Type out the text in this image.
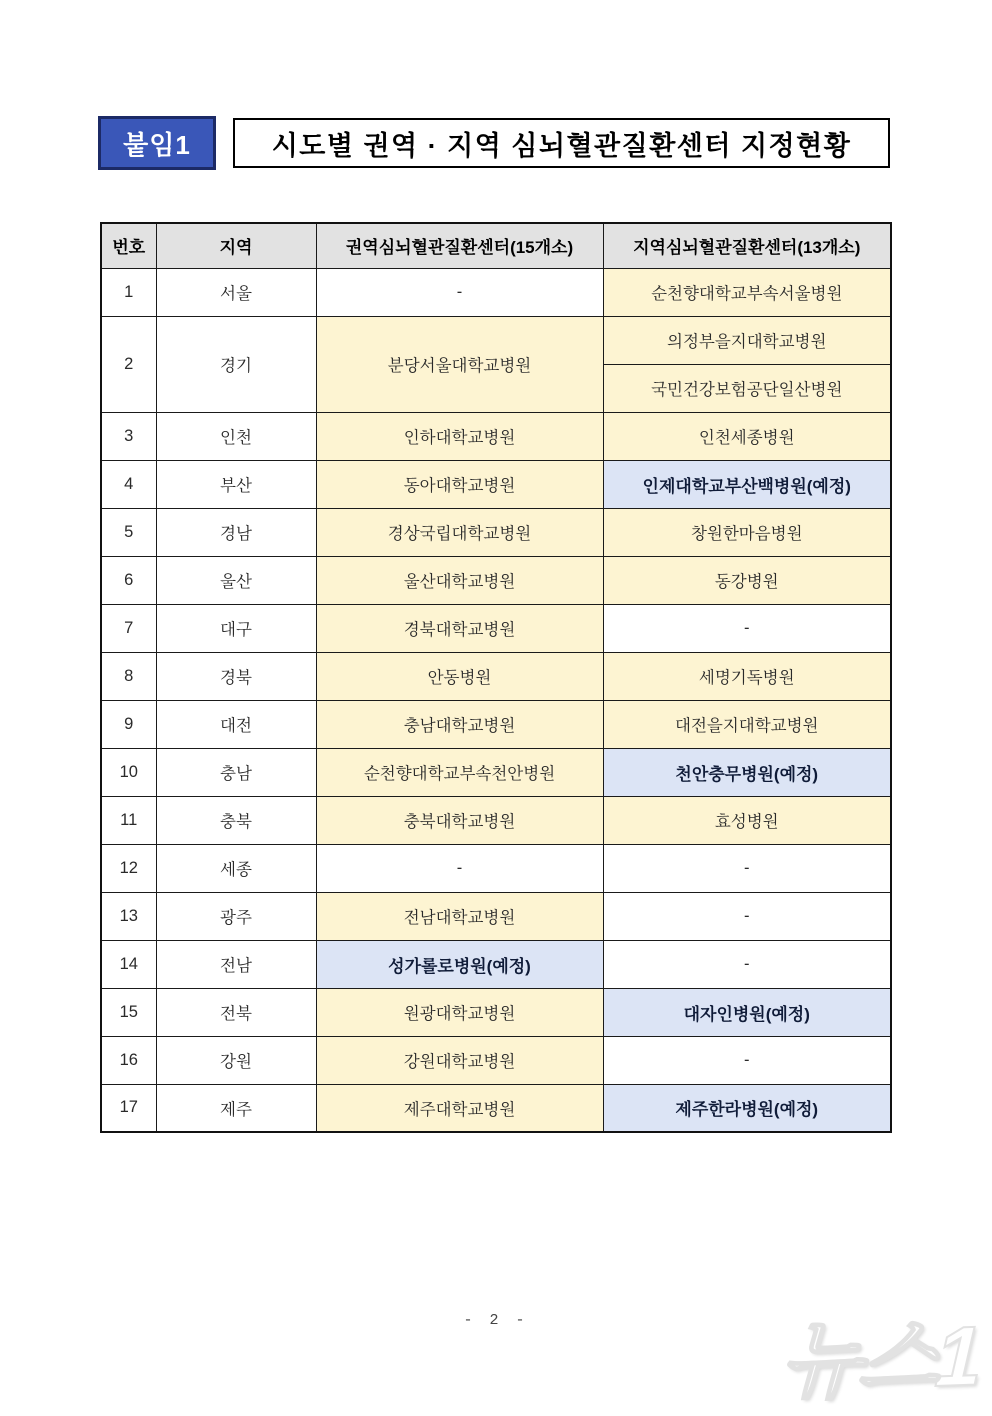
붙임1	시도별 권역 · 지역 심뇌혈관질환센터 지정현황
번호	지역	권역심뇌혈관질환센터(15개소)	지역심뇌혈관질환센터(13개소)
1	서울	-	순천향대학교부속서울병원
2	경기	분당서울대학교병원	의정부을지대학교병원
			국민건강보험공단일산병원
3	인천	인하대학교병원	인천세종병원
4	부산	동아대학교병원	인제대학교부산백병원(예정)
5	경남	경상국립대학교병원	창원한마음병원
6	울산	울산대학교병원	동강병원
7	대구	경북대학교병원	-
8	경북	안동병원	세명기독병원
9	대전	충남대학교병원	대전을지대학교병원
10	충남	순천향대학교부속천안병원	천안충무병원(예정)
11	충북	충북대학교병원	효성병원
12	세종	-	-
13	광주	전남대학교병원	-
14	전남	성가롤로병원(예정)	-
15	전북	원광대학교병원	대자인병원(예정)
16	강원	강원대학교병원	-
17	제주	제주대학교병원	제주한라병원(예정)
- 2 -	뉴스1
